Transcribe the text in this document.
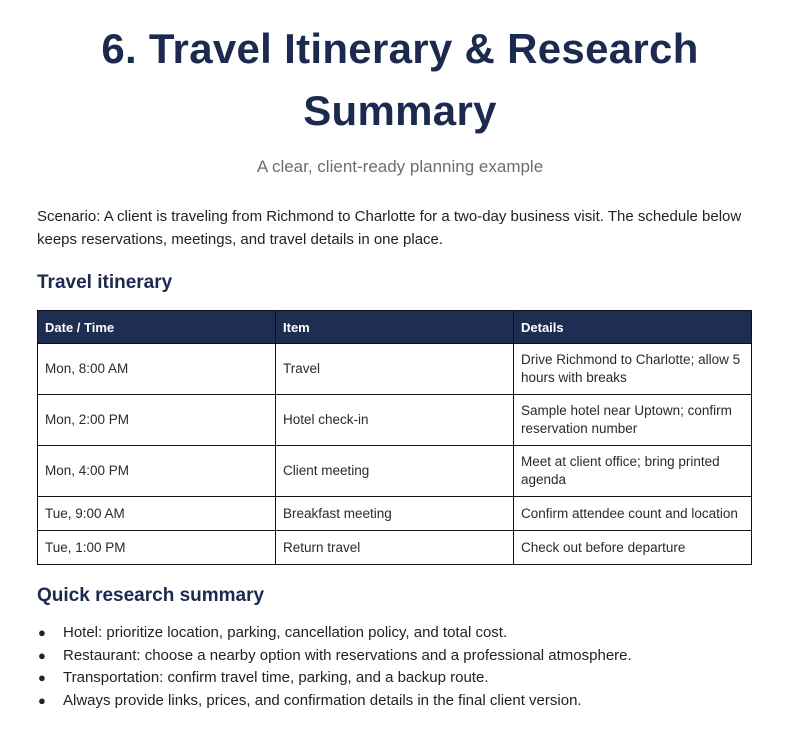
6. Travel Itinerary & Research Summary

A clear, client-ready planning example

Scenario: A client is traveling from Richmond to Charlotte for a two-day business visit. The schedule below keeps reservations, meetings, and travel details in one place.

Travel itinerary
Date / Time	Item	Details
Mon, 8:00 AM	Travel	Drive Richmond to Charlotte; allow 5 hours with breaks
Mon, 2:00 PM	Hotel check-in	Sample hotel near Uptown; confirm reservation number
Mon, 4:00 PM	Client meeting	Meet at client office; bring printed agenda
Tue, 9:00 AM	Breakfast meeting	Confirm attendee count and location
Tue, 1:00 PM	Return travel	Check out before departure
Quick research summary
● Hotel: prioritize location, parking, cancellation policy, and total cost.
● Restaurant: choose a nearby option with reservations and a professional atmosphere.
● Transportation: confirm travel time, parking, and a backup route.
● Always provide links, prices, and confirmation details in the final client version.
